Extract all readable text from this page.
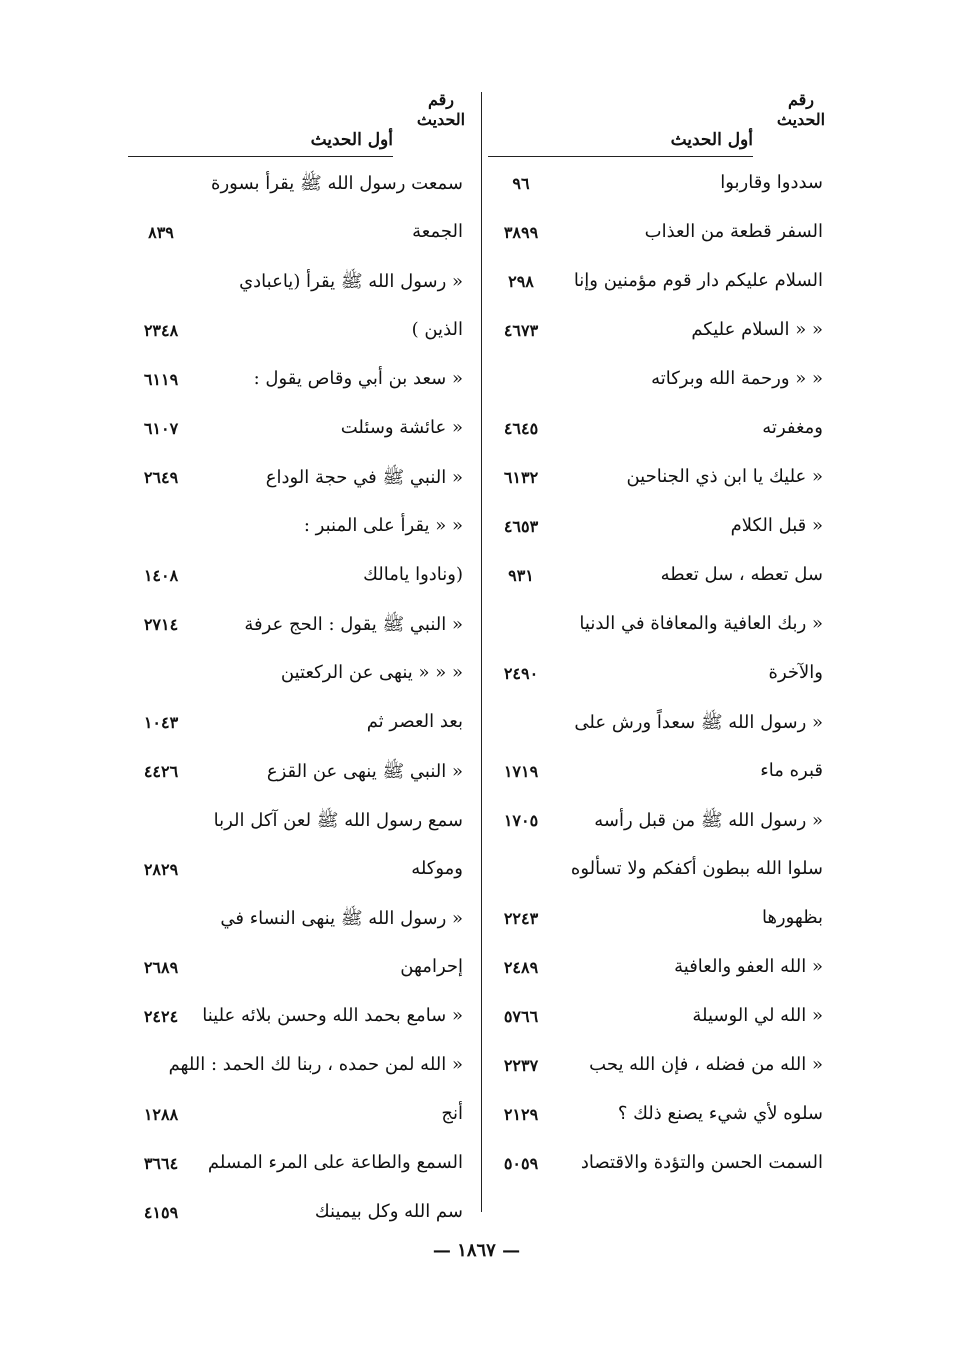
رقم
الحديث
أول الحديث
سددوا وقاربوا
٩٦
السفر قطعة من العذاب
٣٨٩٩
السلام عليكم دار قوم مؤمنين وإنا
٢٩٨
« « السلام عليكم
٤٦٧٣
« « ورحمة الله وبركاته
ومغفرته
٤٦٤٥
« عليك يا ابن ذي الجناحين
٦١٣٢
« قبل الكلام
٤٦٥٣
سل تعطه ، سل تعطه
٩٣١
« ربك العافية والمعافاة في الدنيا
والآخرة
٢٤٩٠
« رسول الله ﷺ سعداً ورش على
قبره ماء
١٧١٩
« رسول الله ﷺ من قبل رأسه
١٧٠٥
سلوا الله ببطون أكفكم ولا تسألوه
بظهورها
٢٢٤٣
« الله العفو والعافية
٢٤٨٩
« الله لي الوسيلة
٥٧٦٦
« الله من فضله ، فإن الله يحب
٢٢٣٧
سلوه لأي شيء يصنع ذلك ؟
٢١٢٩
السمت الحسن والتؤدة والاقتصاد
٥٠٥٩
رقم
الحديث
أول الحديث
سمعت رسول الله ﷺ يقرأ بسورة
الجمعة
٨٣٩
« رسول الله ﷺ يقرأ (ياعبادي
الذين )
٢٣٤٨
« سعد بن أبي وقاص يقول :
٦١١٩
« عائشة وسئلت
٦١٠٧
« النبي ﷺ في حجة الوداع
٢٦٤٩
« « يقرأ على المنبر :
(ونادوا يامالك
١٤٠٨
« النبي ﷺ يقول : الحج عرفة
٢٧١٤
« « « ينهى عن الركعتين
بعد العصر ثم
١٠٤٣
« النبي ﷺ ينهى عن القزع
٤٤٢٦
سمع رسول الله ﷺ لعن آكل الربا
وموكله
٢٨٢٩
« رسول الله ﷺ ينهى النساء في
إحرامهن
٢٦٨٩
« سامع بحمد الله وحسن بلائه علينا
٢٤٢٤
« الله لمن حمده ، ربنا لك الحمد : اللهم
أنج
١٢٨٨
السمع والطاعة على المرء المسلم
٣٦٦٤
سم الله وكل بيمينك
٤١٥٩
— ١٨٦٧ —
